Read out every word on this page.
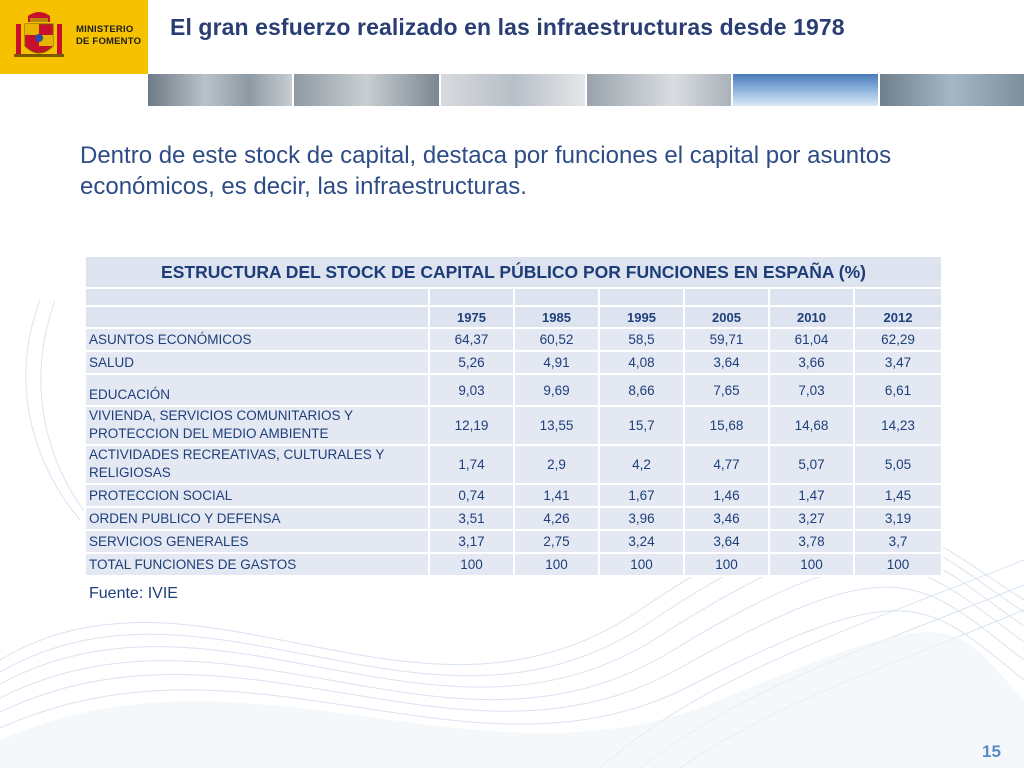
MINISTERIO
DE FOMENTO
El gran esfuerzo realizado en las infraestructuras desde 1978

Dentro de este stock de capital, destaca por funciones el capital por asuntos económicos, es decir, las infraestructuras.

ESTRUCTURA DEL STOCK DE CAPITAL PÚBLICO POR FUNCIONES EN ESPAÑA (%)						

	1975	1985	1995	2005	2010	2012
ASUNTOS ECONÓMICOS	64,37	60,52	58,5	59,71	61,04	62,29
SALUD	5,26	4,91	4,08	3,64	3,66	3,47
EDUCACIÓN	9,03	9,69	8,66	7,65	7,03	6,61
VIVIENDA, SERVICIOS COMUNITARIOS Y PROTECCION DEL MEDIO AMBIENTE	12,19	13,55	15,7	15,68	14,68	14,23
ACTIVIDADES RECREATIVAS, CULTURALES Y RELIGIOSAS	1,74	2,9	4,2	4,77	5,07	5,05
PROTECCION SOCIAL	0,74	1,41	1,67	1,46	1,47	1,45
ORDEN PUBLICO Y DEFENSA	3,51	4,26	3,96	3,46	3,27	3,19
SERVICIOS GENERALES	3,17	2,75	3,24	3,64	3,78	3,7
TOTAL FUNCIONES DE GASTOS	100	100	100	100	100	100

Fuente: IVIE

15
